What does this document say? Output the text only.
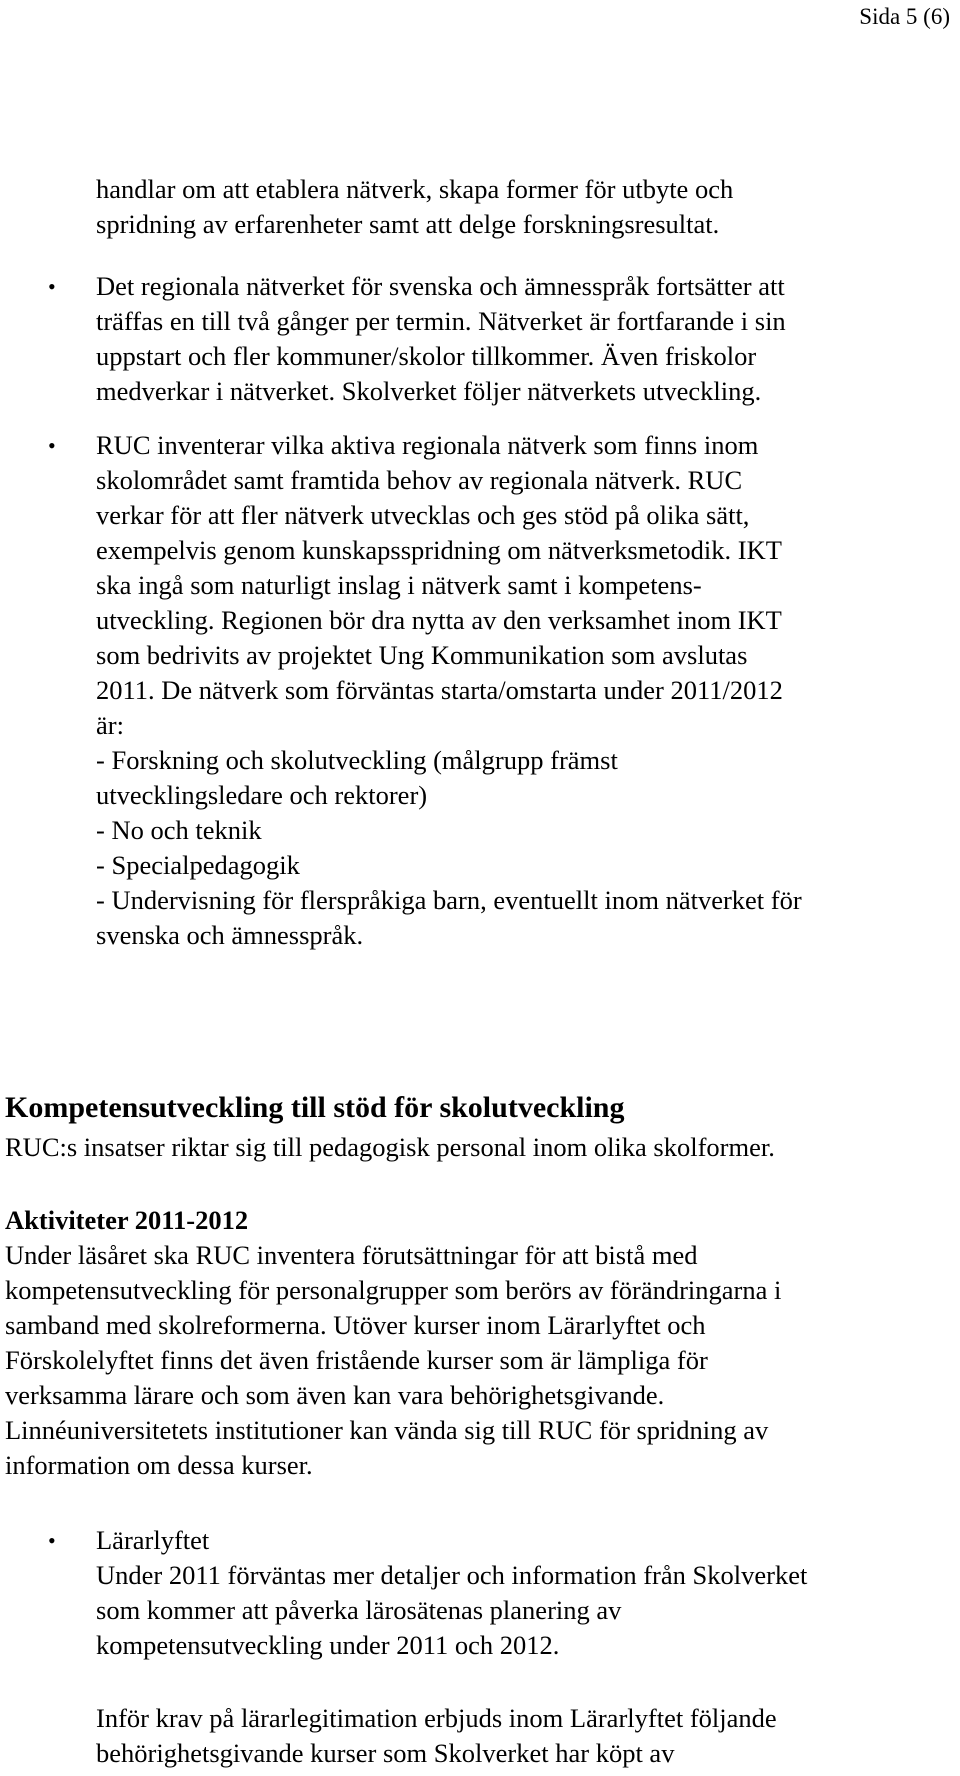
Sida 5 (6)
handlar om att etablera nätverk, skapa former för utbyte och
spridning av erfarenheter samt att delge forskningsresultat.
• Det regionala nätverket för svenska och ämnesspråk fortsätter att
träffas en till två gånger per termin. Nätverket är fortfarande i sin
uppstart och fler kommuner/skolor tillkommer. Även friskolor
medverkar i nätverket. Skolverket följer nätverkets utveckling.
• RUC inventerar vilka aktiva regionala nätverk som finns inom
skolområdet samt framtida behov av regionala nätverk. RUC
verkar för att fler nätverk utvecklas och ges stöd på olika sätt,
exempelvis genom kunskapsspridning om nätverksmetodik. IKT
ska ingå som naturligt inslag i nätverk samt i kompetens-
utveckling. Regionen bör dra nytta av den verksamhet inom IKT
som bedrivits av projektet Ung Kommunikation som avslutas
2011. De nätverk som förväntas starta/omstarta under 2011/2012
är:
- Forskning och skolutveckling (målgrupp främst
utvecklingsledare och rektorer)
- No och teknik
- Specialpedagogik
- Undervisning för flerspråkiga barn, eventuellt inom nätverket för
svenska och ämnesspråk.
Kompetensutveckling till stöd för skolutveckling
RUC:s insatser riktar sig till pedagogisk personal inom olika skolformer.
Aktiviteter 2011-2012
Under läsåret ska RUC inventera förutsättningar för att bistå med
kompetensutveckling för personalgrupper som berörs av förändringarna i
samband med skolreformerna. Utöver kurser inom Lärarlyftet och
Förskolelyftet finns det även fristående kurser som är lämpliga för
verksamma lärare och som även kan vara behörighetsgivande.
Linnéuniversitetets institutioner kan vända sig till RUC för spridning av
information om dessa kurser.
• Lärarlyftet
Under 2011 förväntas mer detaljer och information från Skolverket
som kommer att påverka lärosätenas planering av
kompetensutveckling under 2011 och 2012.
Inför krav på lärarlegitimation erbjuds inom Lärarlyftet följande
behörighetsgivande kurser som Skolverket har köpt av
